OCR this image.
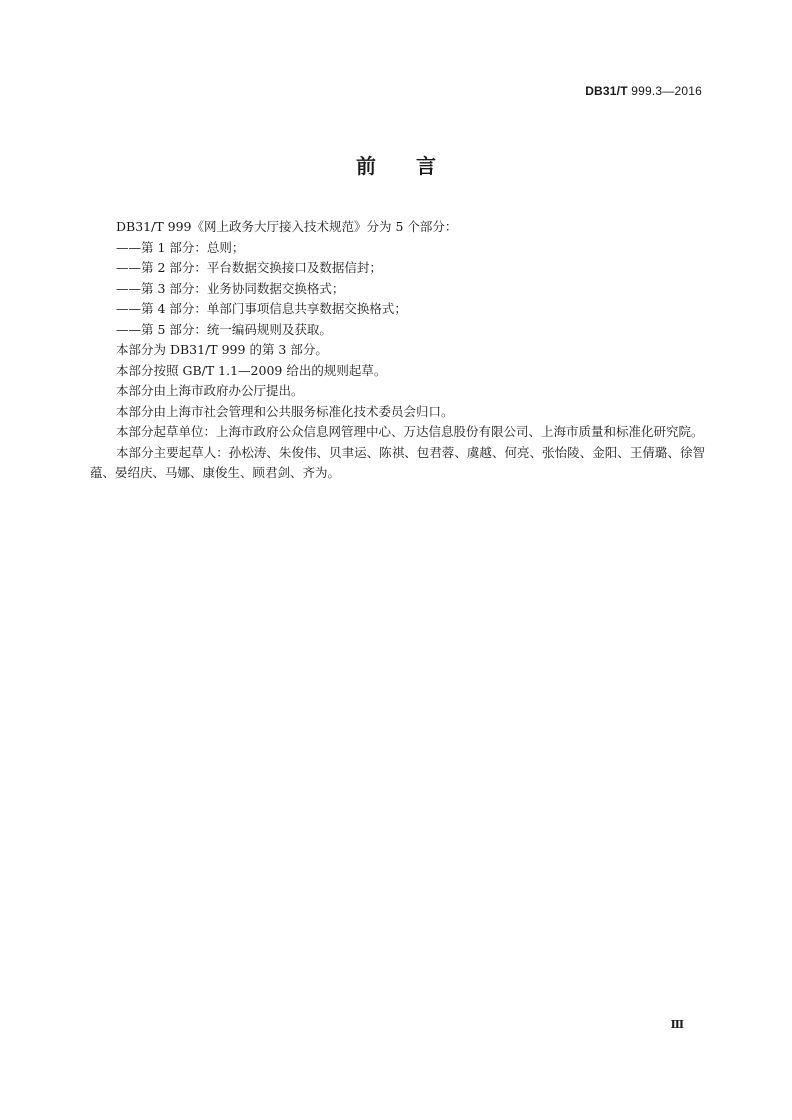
DB31/T 999.3—2016
前言

DB31/T 999《网上政务大厅接入技术规范》分为 5 个部分：

——第 1 部分：总则；

——第 2 部分：平台数据交换接口及数据信封；

——第 3 部分：业务协同数据交换格式；

——第 4 部分：单部门事项信息共享数据交换格式；

——第 5 部分：统一编码规则及获取。

本部分为 DB31/T 999 的第 3 部分。

本部分按照 GB/T 1.1—2009 给出的规则起草。

本部分由上海市政府办公厅提出。

本部分由上海市社会管理和公共服务标准化技术委员会归口。

本部分起草单位：上海市政府公众信息网管理中心、万达信息股份有限公司、上海市质量和标准化研究院。

本部分主要起草人：孙松涛、朱俊伟、贝聿运、陈祺、包君蓉、虞越、何亮、张怡陵、金阳、王倩璐、徐智蕴、晏绍庆、马娜、康俊生、顾君剑、齐为。

Ⅲ
